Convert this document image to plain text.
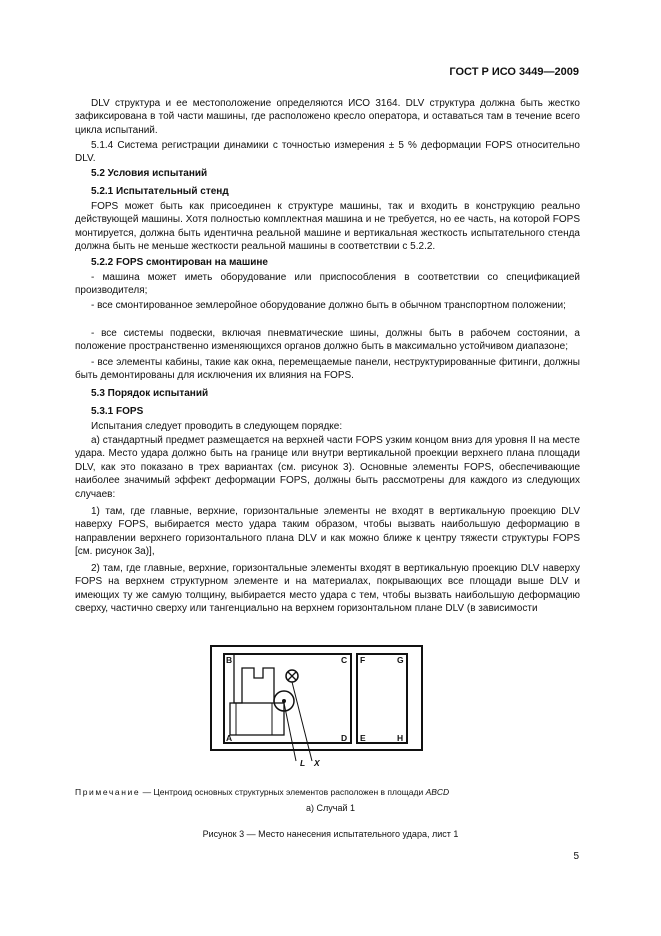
ГОСТ Р ИСО 3449—2009

DLV структура и ее местоположение определяются ИСО 3164. DLV структура должна быть жестко зафиксирована в той части машины, где расположено кресло оператора, и оставаться там в течение всего цикла испытаний.

5.1.4 Система регистрации динамики с точностью измерения ± 5 % деформации FOPS относительно DLV.

5.2 Условия испытаний

5.2.1 Испытательный стенд

FOPS может быть как присоединен к структуре машины, так и входить в конструкцию реально действующей машины. Хотя полностью комплектная машина и не требуется, но ее часть, на которой FOPS монтируется, должна быть идентична реальной машине и вертикальная жесткость испытательного стенда должна быть не меньше жесткости реальной машины в соответствии с 5.2.2.

5.2.2 FOPS смонтирован на машине

- машина может иметь оборудование или приспособления в соответствии со спецификацией производителя;

- все смонтированное землеройное оборудование должно быть в обычном транспортном положении;

- все системы подвески, включая пневматические шины, должны быть в рабочем состоянии, а положение пространственно изменяющихся органов должно быть в максимально устойчивом диапазоне;

- все элементы кабины, такие как окна, перемещаемые панели, неструктурированные фитинги, должны быть демонтированы для исключения их влияния на FOPS.

5.3 Порядок испытаний

5.3.1 FOPS

Испытания следует проводить в следующем порядке:

а) стандартный предмет размещается на верхней части FOPS узким концом вниз для уровня II на месте удара. Место удара должно быть на границе или внутри вертикальной проекции верхнего плана площади DLV, как это показано в трех вариантах (см. рисунок 3). Основные элементы FOPS, обеспечивающие наиболее значимый эффект деформации FOPS, должны быть рассмотрены для каждого из следующих случаев:

1) там, где главные, верхние, горизонтальные элементы не входят в вертикальную проекцию DLV наверху FOPS, выбирается место удара таким образом, чтобы вызвать наибольшую деформацию в направлении верхнего горизонтального плана DLV и как можно ближе к центру тяжести структуры FOPS [см. рисунок 3а)],

2) там, где главные, верхние, горизонтальные элементы входят в вертикальную проекцию DLV наверху FOPS на верхнем структурном элементе и на материалах, покрывающих все площади выше DLV и имеющих ту же самую толщину, выбирается место удара с тем, чтобы вызвать наибольшую деформацию сверху, частично сверху или тангенциально на верхнем горизонтальном плане DLV (в зависимости

B	C
A	D
F	G
E	H
L X

Примечание — Центроид основных структурных элементов расположен в площади ABCD

а) Случай 1

Рисунок 3 — Место нанесения испытательного удара, лист 1

5
